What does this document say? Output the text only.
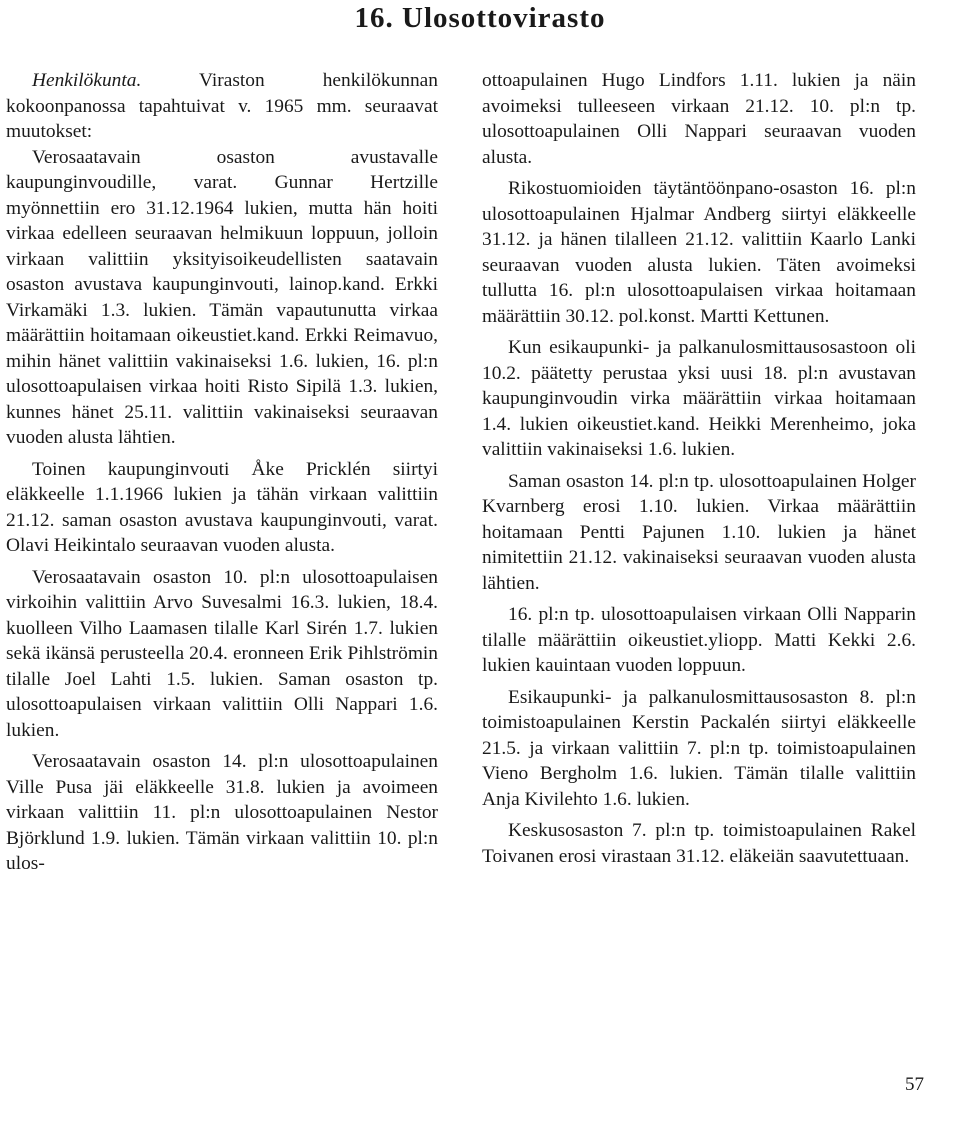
16. Ulosottovirasto

Henkilökunta. Viraston henkilökunnan kokoonpanossa tapahtuivat v. 1965 mm. seuraavat muutokset:

Verosaatavain osaston avustavalle kaupunginvoudille, varat. Gunnar Hertzille myönnettiin ero 31.12.1964 lukien, mutta hän hoiti virkaa edelleen seuraavan helmikuun loppuun, jolloin virkaan valittiin yksityisoikeudellisten saatavain osaston avustava kaupunginvouti, lainop.kand. Erkki Virkamäki 1.3. lukien. Tämän vapautunutta virkaa määrättiin hoitamaan oikeustiet.kand. Erkki Reimavuo, mihin hänet valittiin vakinaiseksi 1.6. lukien, 16. pl:n ulosottoapulaisen virkaa hoiti Risto Sipilä 1.3. lukien, kunnes hänet 25.11. valittiin vakinaiseksi seuraavan vuoden alusta lähtien.

Toinen kaupunginvouti Åke Pricklén siirtyi eläkkeelle 1.1.1966 lukien ja tähän virkaan valittiin 21.12. saman osaston avustava kaupunginvouti, varat. Olavi Heikintalo seuraavan vuoden alusta.

Verosaatavain osaston 10. pl:n ulosottoapulaisen virkoihin valittiin Arvo Suvesalmi 16.3. lukien, 18.4. kuolleen Vilho Laamasen tilalle Karl Sirén 1.7. lukien sekä ikänsä perusteella 20.4. eronneen Erik Pihlströmin tilalle Joel Lahti 1.5. lukien. Saman osaston tp. ulosottoapulaisen virkaan valittiin Olli Nappari 1.6. lukien.

Verosaatavain osaston 14. pl:n ulosottoapulainen Ville Pusa jäi eläkkeelle 31.8. lukien ja avoimeen virkaan valittiin 11. pl:n ulosottoapulainen Nestor Björklund 1.9. lukien. Tämän virkaan valittiin 10. pl:n ulos-

ottoapulainen Hugo Lindfors 1.11. lukien ja näin avoimeksi tulleeseen virkaan 21.12. 10. pl:n tp. ulosottoapulainen Olli Nappari seuraavan vuoden alusta.

Rikostuomioiden täytäntöönpano-osaston 16. pl:n ulosottoapulainen Hjalmar Andberg siirtyi eläkkeelle 31.12. ja hänen tilalleen 21.12. valittiin Kaarlo Lanki seuraavan vuoden alusta lukien. Täten avoimeksi tullutta 16. pl:n ulosottoapulaisen virkaa hoitamaan määrättiin 30.12. pol.konst. Martti Kettunen.

Kun esikaupunki- ja palkanulosmittausosastoon oli 10.2. päätetty perustaa yksi uusi 18. pl:n avustavan kaupunginvoudin virka määrättiin virkaa hoitamaan 1.4. lukien oikeustiet.kand. Heikki Merenheimo, joka valittiin vakinaiseksi 1.6. lukien.

Saman osaston 14. pl:n tp. ulosottoapulainen Holger Kvarnberg erosi 1.10. lukien. Virkaa määrättiin hoitamaan Pentti Pajunen 1.10. lukien ja hänet nimitettiin 21.12. vakinaiseksi seuraavan vuoden alusta lähtien.

16. pl:n tp. ulosottoapulaisen virkaan Olli Napparin tilalle määrättiin oikeustiet.yliopp. Matti Kekki 2.6. lukien kauintaan vuoden loppuun.

Esikaupunki- ja palkanulosmittausosaston 8. pl:n toimistoapulainen Kerstin Packalén siirtyi eläkkeelle 21.5. ja virkaan valittiin 7. pl:n tp. toimistoapulainen Vieno Bergholm 1.6. lukien. Tämän tilalle valittiin Anja Kivilehto 1.6. lukien.

Keskusosaston 7. pl:n tp. toimistoapulainen Rakel Toivanen erosi virastaan 31.12. eläkeiän saavutettuaan.

57
